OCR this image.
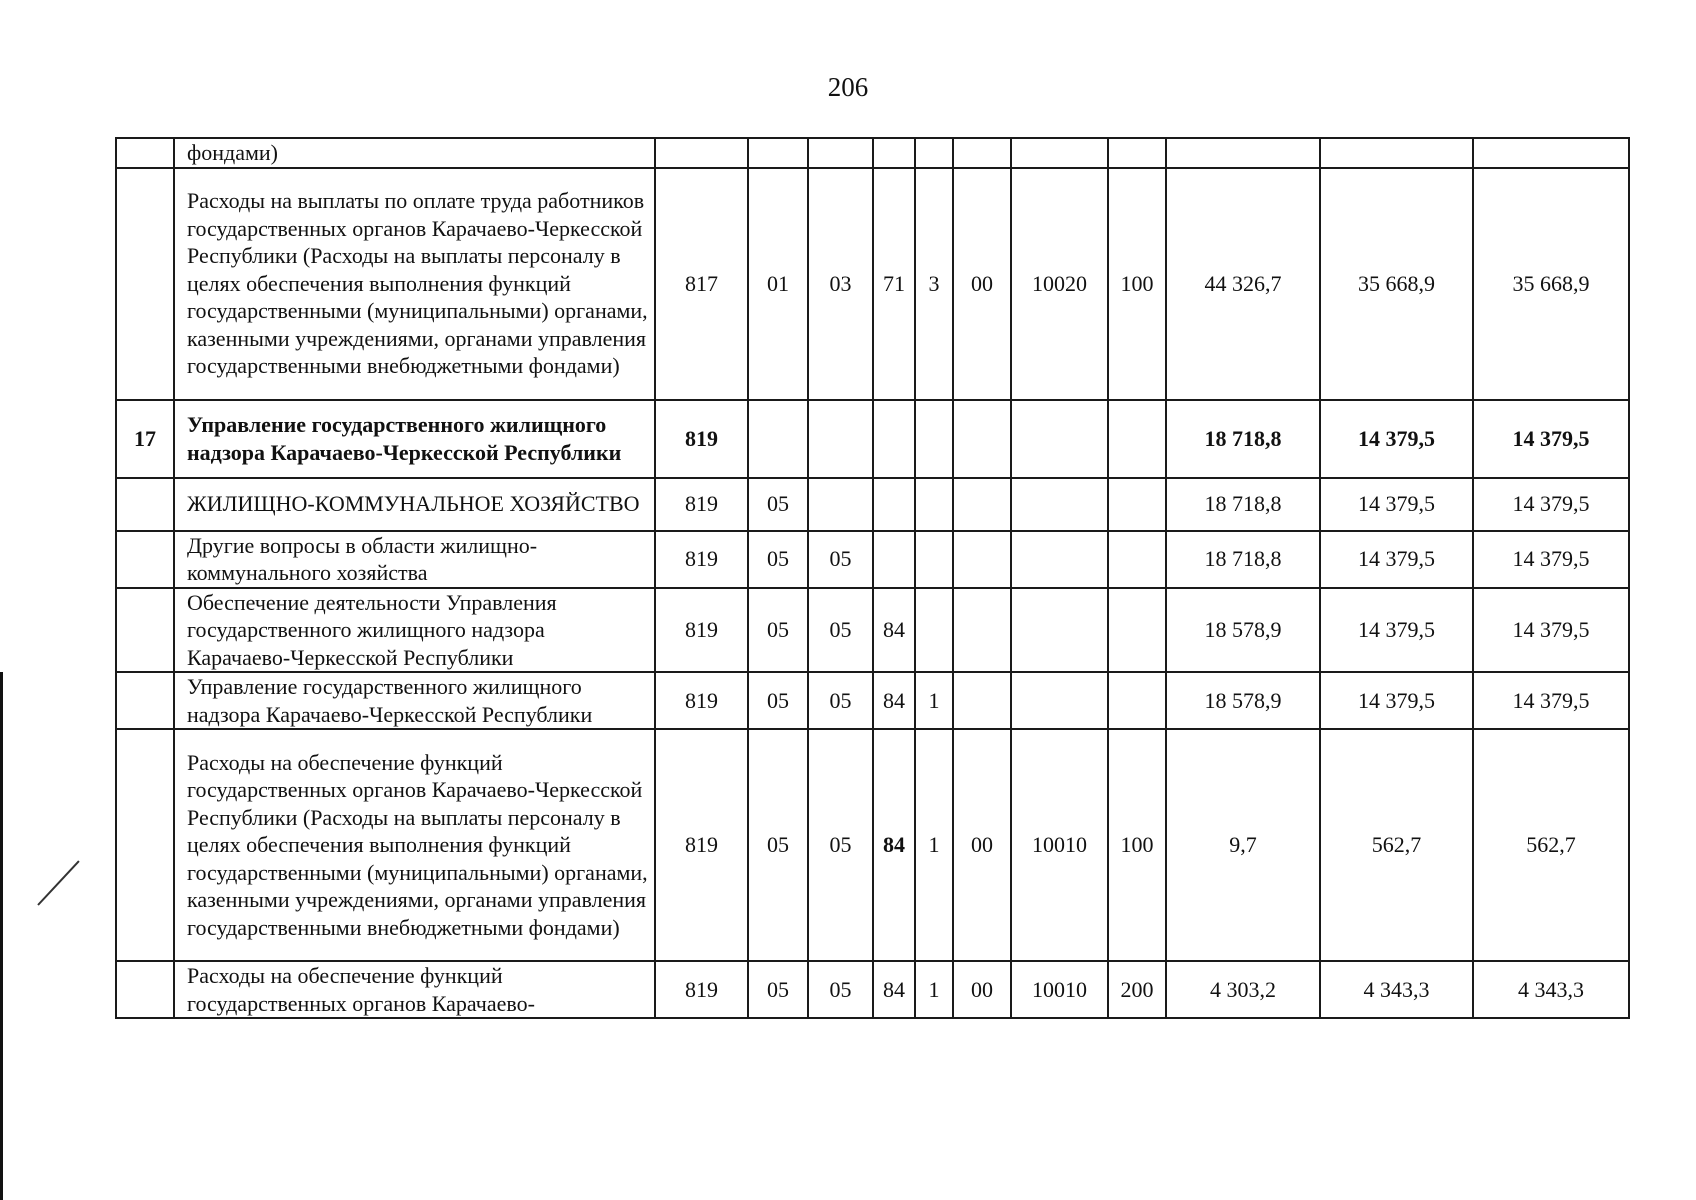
206
	фондами)											
	Расходы на выплаты по оплате труда работников государственных органов Карачаево-Черкесской Республики (Расходы на выплаты персоналу в целях обеспечения выполнения функций государственными (муниципальными) органами, казенными учреждениями, органами управления государственными внебюджетными фондами)	817	01	03	71	3	00	10020	100	44 326,7	35 668,9	35 668,9
17	Управление государственного жилищного надзора Карачаево-Черкесской Республики	819								18 718,8	14 379,5	14 379,5
	ЖИЛИЩНО-КОММУНАЛЬНОЕ ХОЗЯЙСТВО	819	05							18 718,8	14 379,5	14 379,5
	Другие вопросы в области жилищно-коммунального хозяйства	819	05	05						18 718,8	14 379,5	14 379,5
	Обеспечение деятельности Управления государственного жилищного надзора Карачаево-Черкесской Республики	819	05	05	84					18 578,9	14 379,5	14 379,5
	Управление государственного жилищного надзора Карачаево-Черкесской Республики	819	05	05	84	1				18 578,9	14 379,5	14 379,5
	Расходы на обеспечение функций государственных органов Карачаево-Черкесской Республики (Расходы на выплаты персоналу в целях обеспечения выполнения функций государственными (муниципальными) органами, казенными учреждениями, органами управления государственными внебюджетными фондами)	819	05	05	84	1	00	10010	100	9,7	562,7	562,7
	Расходы на обеспечение функций государственных органов Карачаево-	819	05	05	84	1	00	10010	200	4 303,2	4 343,3	4 343,3
